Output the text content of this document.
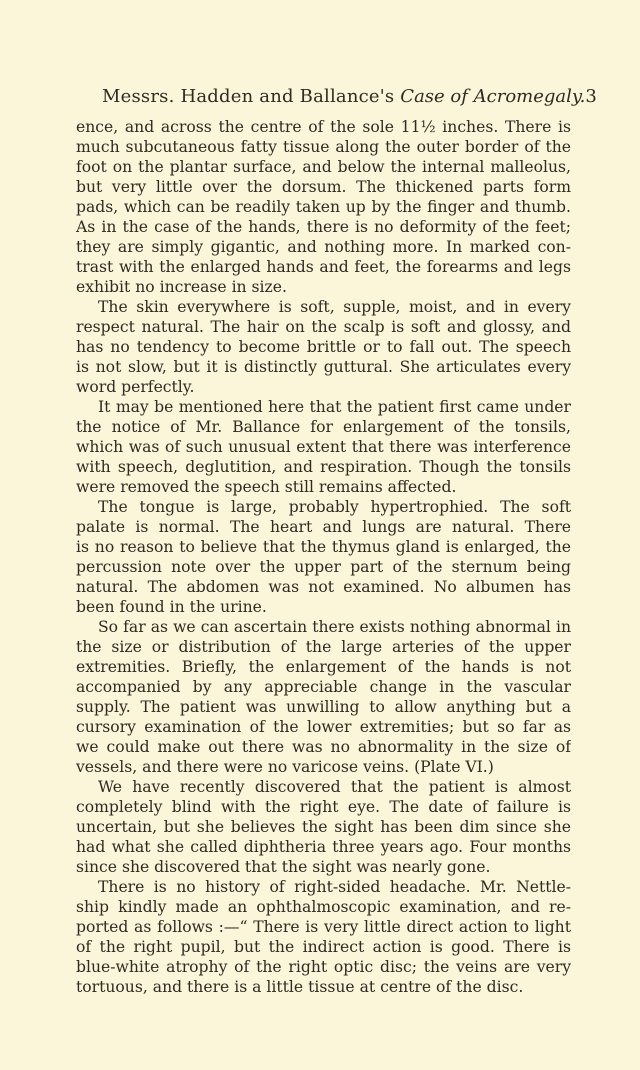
Messrs. Hadden and Ballance's Case of Acromegaly. 3
ence, and across the centre of the sole 11½ inches. There is
much subcutaneous fatty tissue along the outer border of the
foot on the plantar surface, and below the internal malleolus,
but very little over the dorsum. The thickened parts form
pads, which can be readily taken up by the finger and thumb.
As in the case of the hands, there is no deformity of the feet;
they are simply gigantic, and nothing more. In marked con-
trast with the enlarged hands and feet, the forearms and legs
exhibit no increase in size.
The skin everywhere is soft, supple, moist, and in every
respect natural. The hair on the scalp is soft and glossy, and
has no tendency to become brittle or to fall out. The speech
is not slow, but it is distinctly guttural. She articulates every
word perfectly.
It may be mentioned here that the patient first came under
the notice of Mr. Ballance for enlargement of the tonsils,
which was of such unusual extent that there was interference
with speech, deglutition, and respiration. Though the tonsils
were removed the speech still remains affected.
The tongue is large, probably hypertrophied. The soft
palate is normal. The heart and lungs are natural. There
is no reason to believe that the thymus gland is enlarged, the
percussion note over the upper part of the sternum being
natural. The abdomen was not examined. No albumen has
been found in the urine.
So far as we can ascertain there exists nothing abnormal in
the size or distribution of the large arteries of the upper
extremities. Briefly, the enlargement of the hands is not
accompanied by any appreciable change in the vascular
supply. The patient was unwilling to allow anything but a
cursory examination of the lower extremities; but so far as
we could make out there was no abnormality in the size of
vessels, and there were no varicose veins. (Plate VI.)
We have recently discovered that the patient is almost
completely blind with the right eye. The date of failure is
uncertain, but she believes the sight has been dim since she
had what she called diphtheria three years ago. Four months
since she discovered that the sight was nearly gone.
There is no history of right-sided headache. Mr. Nettle-
ship kindly made an ophthalmoscopic examination, and re-
ported as follows :—“ There is very little direct action to light
of the right pupil, but the indirect action is good. There is
blue-white atrophy of the right optic disc; the veins are very
tortuous, and there is a little tissue at centre of the disc.
